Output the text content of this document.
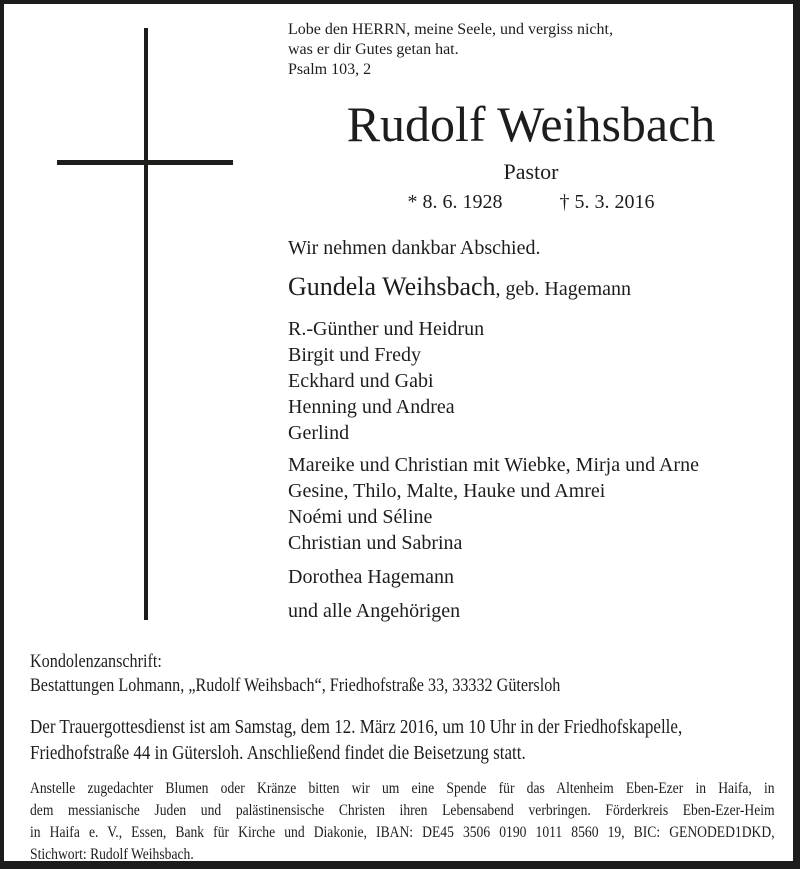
Lobe den HERRN, meine Seele, und vergiss nicht,
was er dir Gutes getan hat.
Psalm 103, 2
Rudolf Weihsbach
Pastor
* 8. 6. 1928	† 5. 3. 2016
Wir nehmen dankbar Abschied.
Gundela Weihsbach, geb. Hagemann
R.-Günther und Heidrun
Birgit und Fredy
Eckhard und Gabi
Henning und Andrea
Gerlind
Mareike und Christian mit Wiebke, Mirja und Arne
Gesine, Thilo, Malte, Hauke und Amrei
Noémi und Séline
Christian und Sabrina
Dorothea Hagemann
und alle Angehörigen
Kondolenzanschrift:
Bestattungen Lohmann, „Rudolf Weihsbach“, Friedhofstraße 33, 33332 Gütersloh
Der Trauergottesdienst ist am Samstag, dem 12. März 2016, um 10 Uhr in der Friedhofskapelle,
Friedhofstraße 44 in Gütersloh. Anschließend findet die Beisetzung statt.
Anstelle zugedachter Blumen oder Kränze bitten wir um eine Spende für das Altenheim Eben-Ezer in Haifa, in
dem messianische Juden und palästinensische Christen ihren Lebensabend verbringen. Förderkreis Eben-Ezer-Heim
in Haifa e. V., Essen, Bank für Kirche und Diakonie, IBAN: DE45 3506 0190 1011 8560 19, BIC: GENODED1DKD,
Stichwort: Rudolf Weihsbach.
